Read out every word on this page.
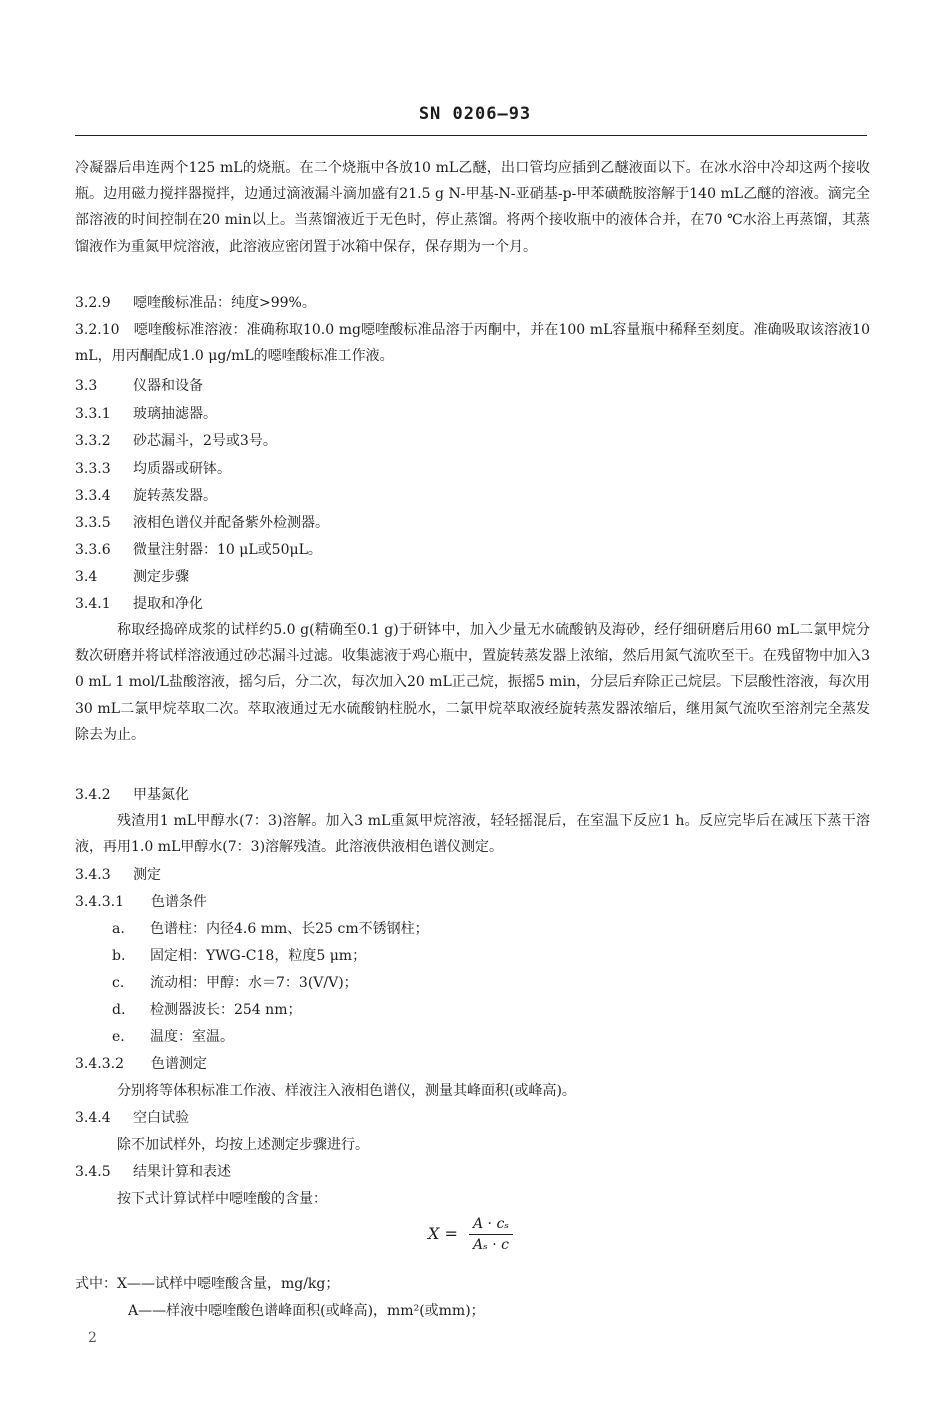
SN 0206—93
冷凝器后串连两个125 mL的烧瓶。在二个烧瓶中各放10 mL乙醚，出口管均应插到乙醚液面以下。在冰水浴中冷却这两个接收瓶。边用磁力搅拌器搅拌，边通过滴液漏斗滴加盛有21.5 g N-甲基-N-亚硝基-p-甲苯磺酰胺溶解于140 mL乙醚的溶液。滴完全部溶液的时间控制在20 min以上。当蒸馏液近于无色时，停止蒸馏。将两个接收瓶中的液体合并，在70 ℃水浴上再蒸馏，其蒸馏液作为重氮甲烷溶液，此溶液应密闭置于冰箱中保存，保存期为一个月。
3.2.9 噁喹酸标准品：纯度>99%。
3.2.10　噁喹酸标准溶液：准确称取10.0 mg噁喹酸标准品溶于丙酮中，并在100 mL容量瓶中稀释至刻度。准确吸取该溶液10 mL，用丙酮配成1.0 μg/mL的噁喹酸标准工作液。
3.3	仪器和设备
3.3.1 玻璃抽滤器。
3.3.2 砂芯漏斗，2号或3号。
3.3.3 均质器或研钵。
3.3.4 旋转蒸发器。
3.3.5 液相色谱仪并配备紫外检测器。
3.3.6 微量注射器：10 μL或50μL。
3.4	测定步骤
3.4.1 提取和净化
称取经捣碎成浆的试样约5.0 g(精确至0.1 g)于研钵中，加入少量无水硫酸钠及海砂，经仔细研磨后用60 mL二氯甲烷分数次研磨并将试样溶液通过砂芯漏斗过滤。收集滤液于鸡心瓶中，置旋转蒸发器上浓缩，然后用氮气流吹至干。在残留物中加入30 mL 1 mol/L盐酸溶液，摇匀后，分二次，每次加入20 mL正己烷，振摇5 min，分层后弃除正己烷层。下层酸性溶液，每次用30 mL二氯甲烷萃取二次。萃取液通过无水硫酸钠柱脱水，二氯甲烷萃取液经旋转蒸发器浓缩后，继用氮气流吹至溶剂完全蒸发除去为止。
3.4.2 甲基氮化
残渣用1 mL甲醇水(7：3)溶解。加入3 mL重氮甲烷溶液，轻轻摇混后，在室温下反应1 h。反应完毕后在减压下蒸干溶液，再用1.0 mL甲醇水(7：3)溶解残渣。此溶液供液相色谱仪测定。
3.4.3 测定
3.4.3.1 色谱条件
a. 色谱柱：内径4.6 mm、长25 cm不锈钢柱；
b. 固定相：YWG-C18，粒度5 μm；
c. 流动相：甲醇：水＝7：3(V/V)；
d. 检测器波长：254 nm；
e. 温度：室温。
3.4.3.2 色谱测定
分别将等体积标准工作液、样液注入液相色谱仪，测量其峰面积(或峰高)。
3.4.4 空白试验
除不加试样外，均按上述测定步骤进行。
3.4.5 结果计算和表述
按下式计算试样中噁喹酸的含量：
$X = \frac{\text{A · cₛ}}{\text{Aₛ · c}}$
式中：X——试样中噁喹酸含量，mg/kg；
A——样液中噁喹酸色谱峰面积(或峰高)，mm²(或mm)；
2
